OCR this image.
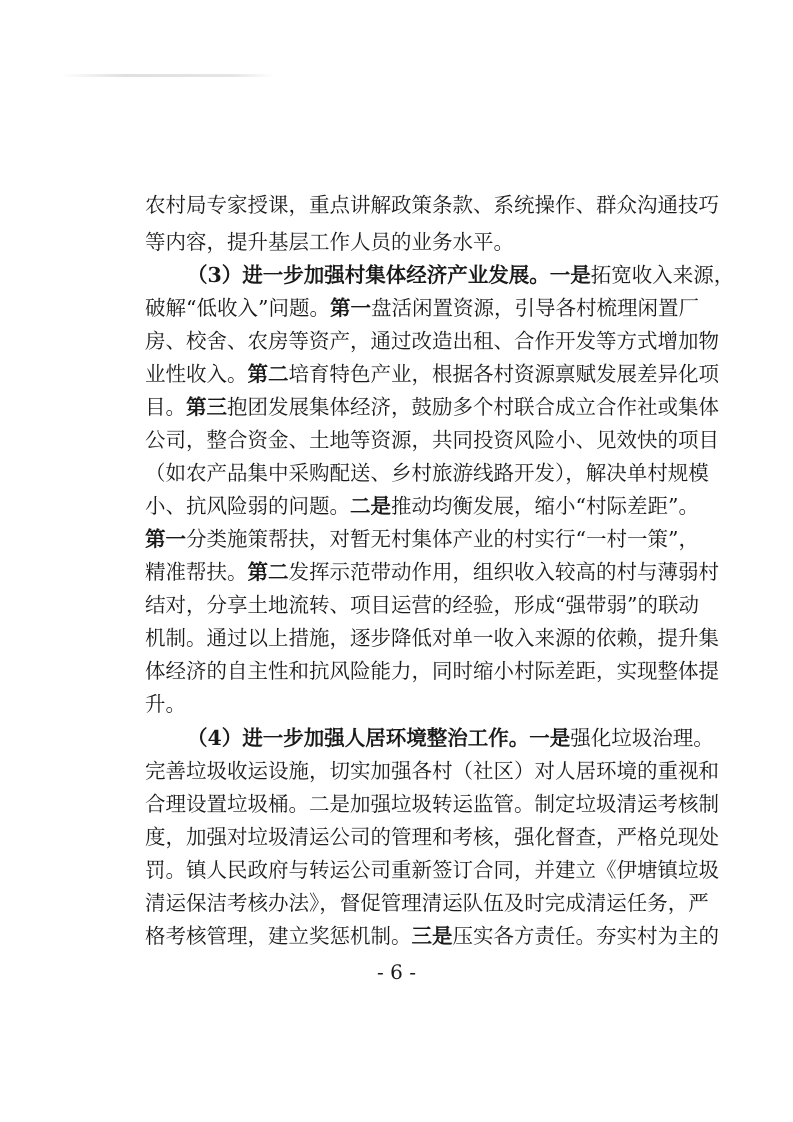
农村局专家授课，重点讲解政策条款、系统操作、群众沟通技巧
等内容，提升基层工作人员的业务水平。
（3）进一步加强村集体经济产业发展。一是拓宽收入来源，
破解“低收入”问题。第一盘活闲置资源，引导各村梳理闲置厂
房、校舍、农房等资产，通过改造出租、合作开发等方式增加物
业性收入。第二培育特色产业，根据各村资源禀赋发展差异化项
目。第三抱团发展集体经济，鼓励多个村联合成立合作社或集体
公司，整合资金、土地等资源，共同投资风险小、见效快的项目
（如农产品集中采购配送、乡村旅游线路开发），解决单村规模
小、抗风险弱的问题。二是推动均衡发展，缩小“村际差距”。
第一分类施策帮扶，对暂无村集体产业的村实行“一村一策”，
精准帮扶。第二发挥示范带动作用，组织收入较高的村与薄弱村
结对，分享土地流转、项目运营的经验，形成“强带弱”的联动
机制。通过以上措施，逐步降低对单一收入来源的依赖，提升集
体经济的自主性和抗风险能力，同时缩小村际差距，实现整体提
升。
（4）进一步加强人居环境整治工作。一是强化垃圾治理。
完善垃圾收运设施，切实加强各村（社区）对人居环境的重视和
合理设置垃圾桶。二是加强垃圾转运监管。制定垃圾清运考核制
度，加强对垃圾清运公司的管理和考核，强化督查，严格兑现处
罚。镇人民政府与转运公司重新签订合同，并建立《伊塘镇垃圾
清运保洁考核办法》，督促管理清运队伍及时完成清运任务，严
格考核管理，建立奖惩机制。三是压实各方责任。夯实村为主的
- 6 -
